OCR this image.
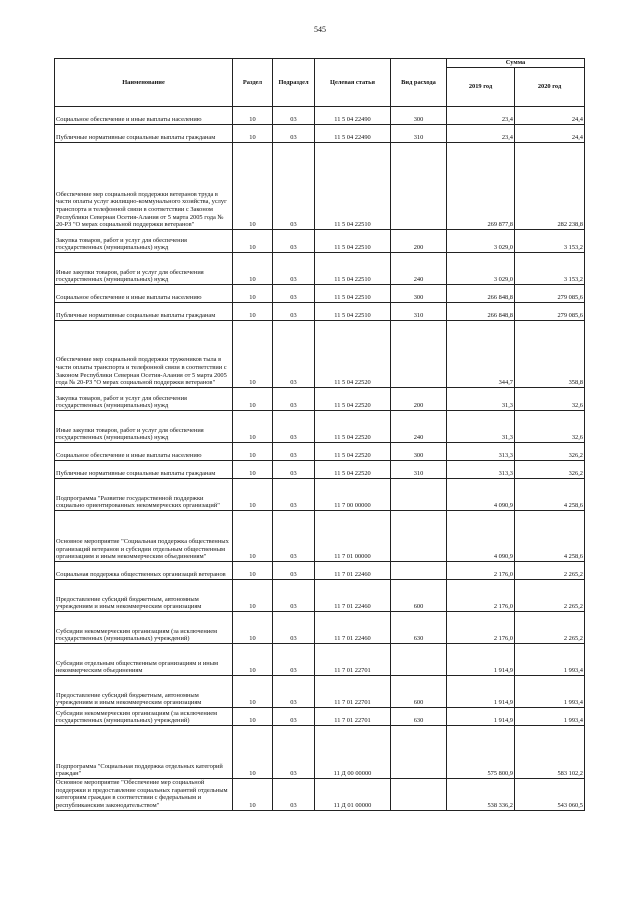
545
Наименование	Раздел	Подраздел	Целевая статья	Вид расхода	Сумма	
					2019 год	2020 год
Социальное обеспечение и иные выплаты населению	10	03	11 5 04 22490	300	23,4	24,4
Публичные нормативные социальные выплаты гражданам	10	03	11 5 04 22490	310	23,4	24,4
Обеспечение мер социальной поддержки ветеранов труда в части оплаты услуг жилищно-коммунального хозяйства, услуг транспорта и телефонной связи в соответствии с Законом Республики Северная Осетия-Алания от 5 марта 2005 года № 20-РЗ "О мерах социальной поддержки ветеранов"	10	03	11 5 04 22510		269 877,8	282 238,8
Закупка товаров, работ и услуг для обеспечения государственных (муниципальных) нужд	10	03	11 5 04 22510	200	3 029,0	3 153,2
Иные закупки товаров, работ и услуг для обеспечения государственных (муниципальных) нужд	10	03	11 5 04 22510	240	3 029,0	3 153,2
Социальное обеспечение и иные выплаты населению	10	03	11 5 04 22510	300	266 848,8	279 085,6
Публичные нормативные социальные выплаты гражданам	10	03	11 5 04 22510	310	266 848,8	279 085,6
Обеспечение мер социальной поддержки тружеников тыла в части оплаты транспорта и телефонной связи в соответствии с Законом Республики Северная Осетия-Алания от 5 марта 2005 года № 20-РЗ "О мерах социальной поддержки ветеранов"	10	03	11 5 04 22520		344,7	358,8
Закупка товаров, работ и услуг для обеспечения государственных (муниципальных) нужд	10	03	11 5 04 22520	200	31,3	32,6
Иные закупки товаров, работ и услуг для обеспечения государственных (муниципальных) нужд	10	03	11 5 04 22520	240	31,3	32,6
Социальное обеспечение и иные выплаты населению	10	03	11 5 04 22520	300	313,3	326,2
Публичные нормативные социальные выплаты гражданам	10	03	11 5 04 22520	310	313,3	326,2
Подпрограмма "Развитие государственной поддержки социально ориентированных некоммерческих организаций"	10	03	11 7 00 00000		4 090,9	4 258,6
Основное мероприятие "Социальная поддержка общественных организаций ветеранов и субсидии отдельным общественным организациям и иным некоммерческим объединениям"	10	03	11 7 01 00000		4 090,9	4 258,6
Социальная поддержка общественных организаций ветеранов	10	03	11 7 01 22460		2 176,0	2 265,2
Предоставление субсидий бюджетным, автономным учреждениям и иным некоммерческим организациям	10	03	11 7 01 22460	600	2 176,0	2 265,2
Субсидии некоммерческим организациям (за исключением государственных (муниципальных) учреждений)	10	03	11 7 01 22460	630	2 176,0	2 265,2
Субсидии отдельным общественным организациям и иным некоммерческим объединениям	10	03	11 7 01 22701		1 914,9	1 993,4
Предоставление субсидий бюджетным, автономным учреждениям и иным некоммерческим организациям	10	03	11 7 01 22701	600	1 914,9	1 993,4
Субсидии некоммерческим организациям (за исключением государственных (муниципальных) учреждений)	10	03	11 7 01 22701	630	1 914,9	1 993,4
Подпрограмма "Социальная поддержка отдельных категорий граждан"	10	03	11 Д 00 00000		575 800,9	583 102,2
Основное мероприятие "Обеспечение мер социальной поддержки и предоставление социальных гарантий отдельным категориям граждан в соответствии с федеральным и республиканским законодательством"	10	03	11 Д 01 00000		538 336,2	543 060,5
